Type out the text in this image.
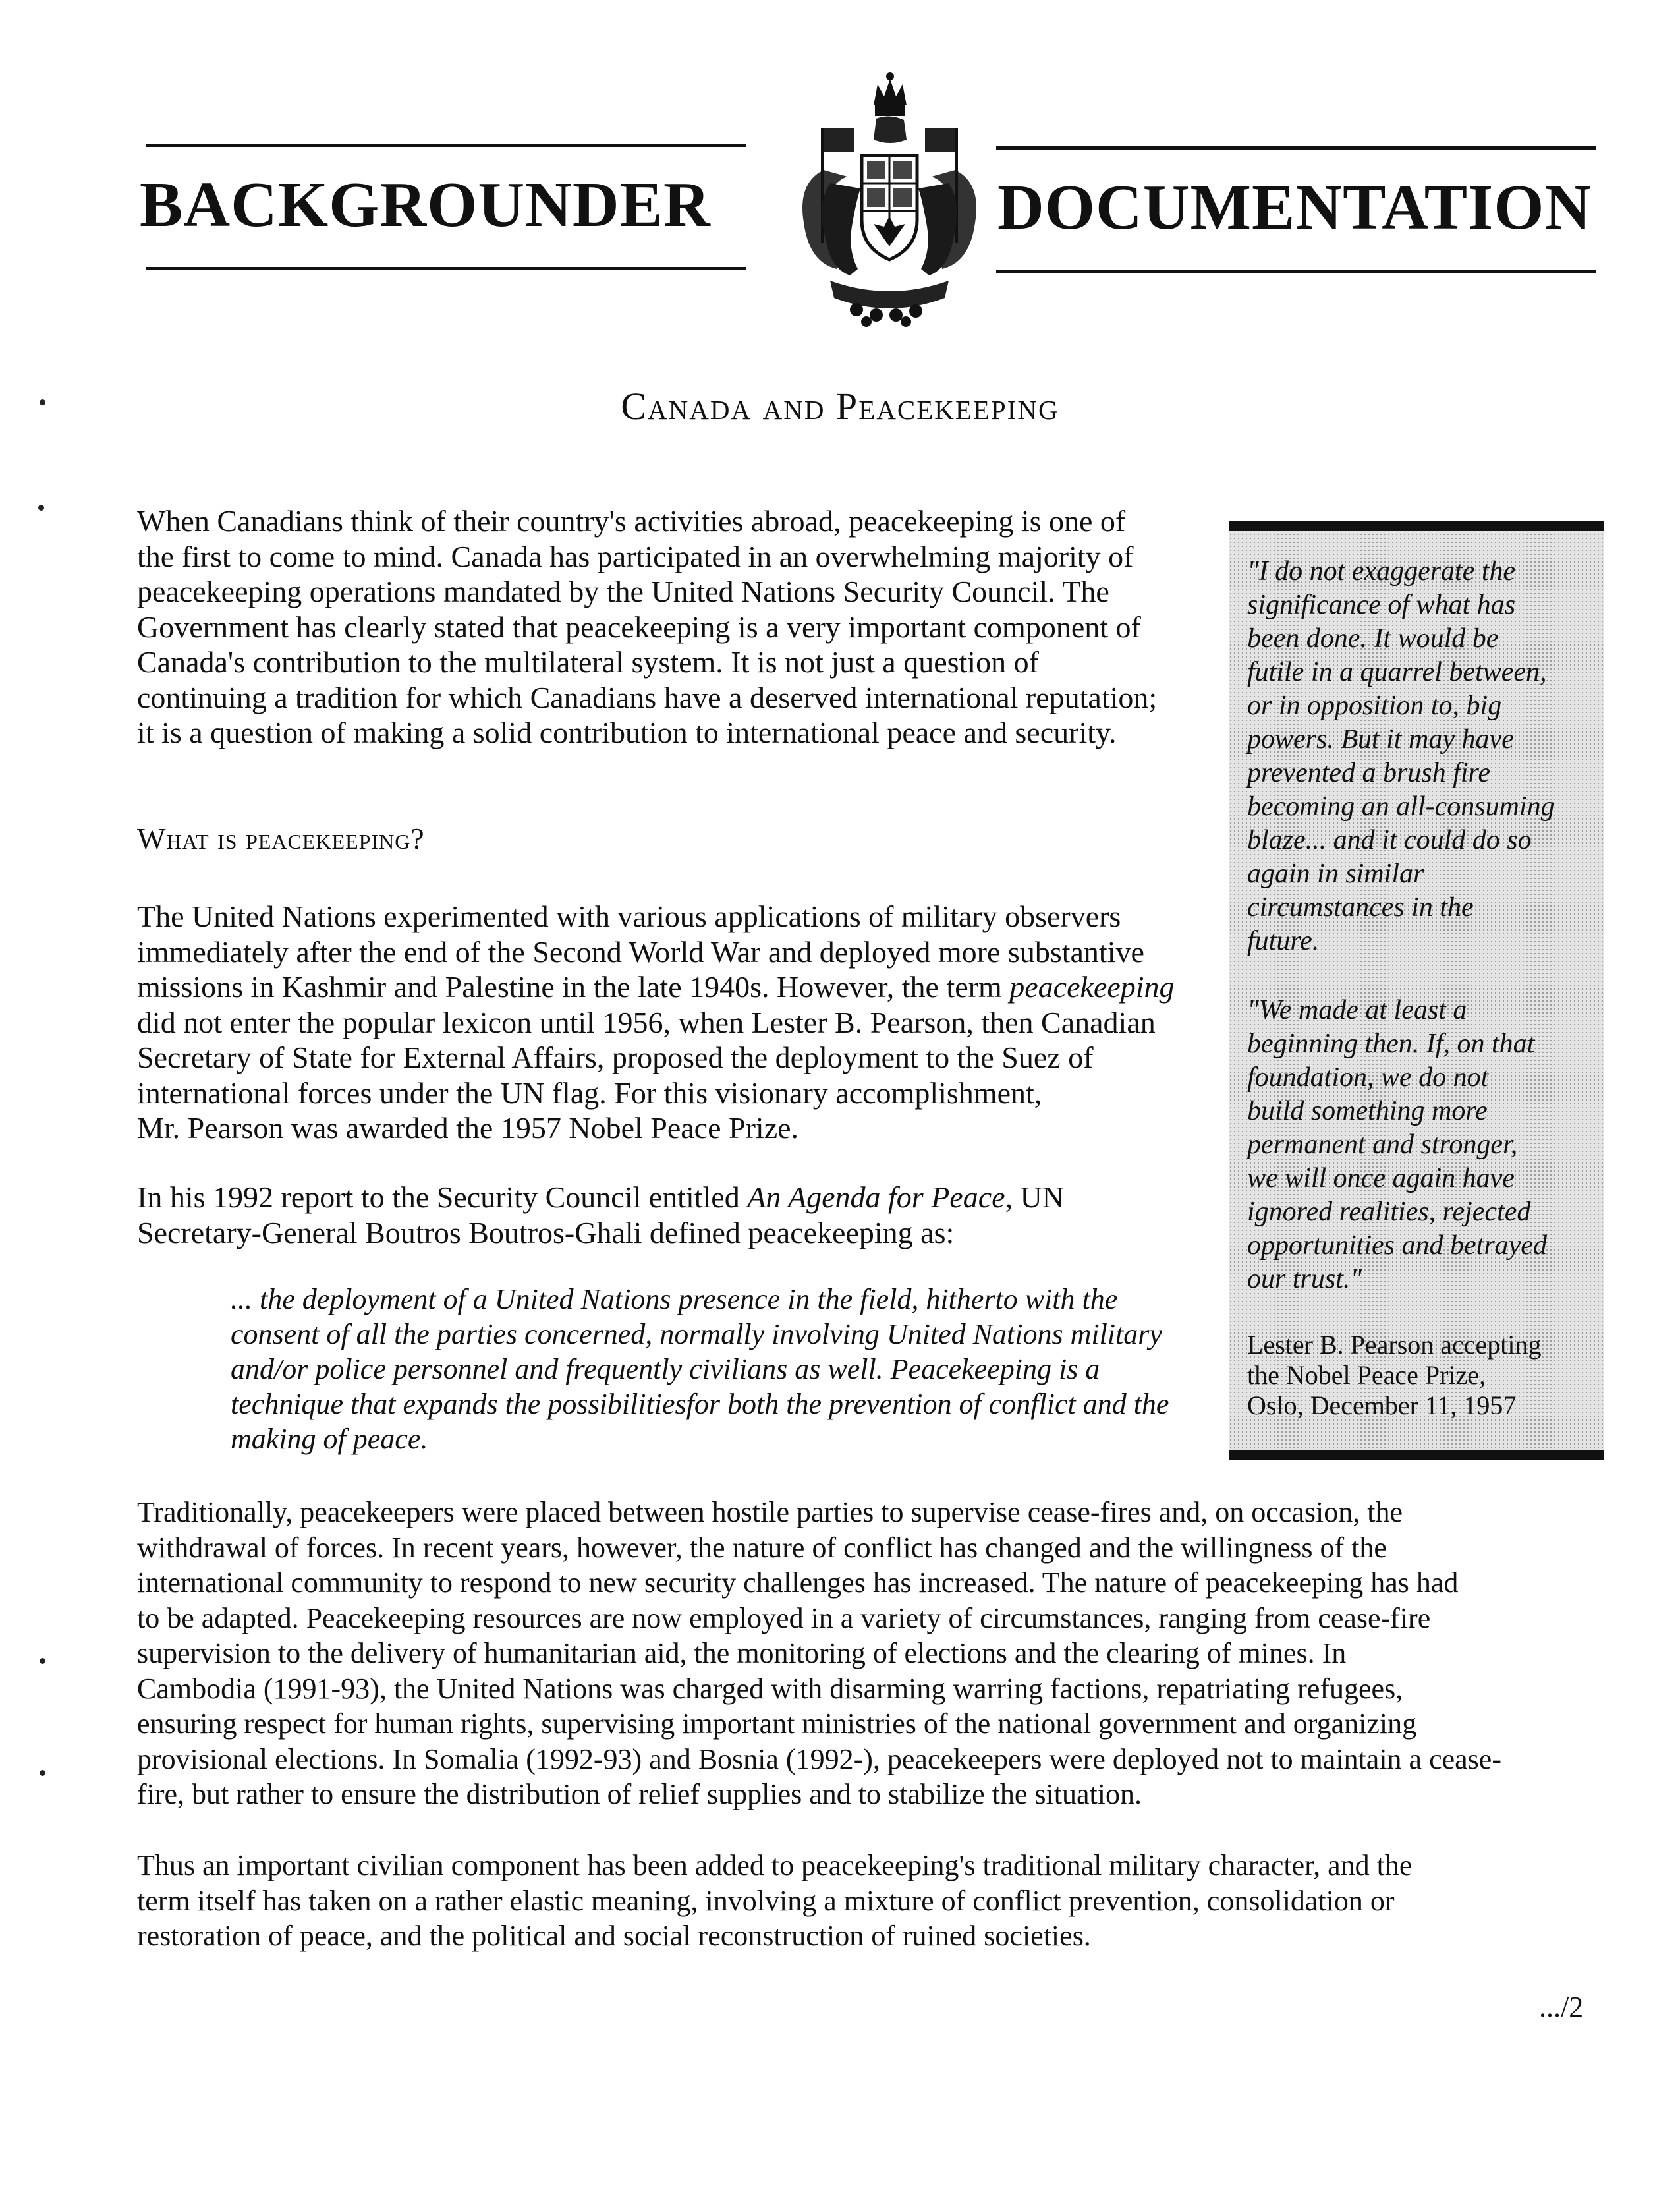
BACKGROUNDER	DOCUMENTATION
Canada and Peacekeeping
When Canadians think of their country's activities abroad, peacekeeping is one of
the first to come to mind. Canada has participated in an overwhelming majority of
peacekeeping operations mandated by the United Nations Security Council. The
Government has clearly stated that peacekeeping is a very important component of
Canada's contribution to the multilateral system. It is not just a question of
continuing a tradition for which Canadians have a deserved international reputation;
it is a question of making a solid contribution to international peace and security.
What is peacekeeping?
The United Nations experimented with various applications of military observers
immediately after the end of the Second World War and deployed more substantive
missions in Kashmir and Palestine in the late 1940s. However, the term peacekeeping
did not enter the popular lexicon until 1956, when Lester B. Pearson, then Canadian
Secretary of State for External Affairs, proposed the deployment to the Suez of
international forces under the UN flag. For this visionary accomplishment,
Mr. Pearson was awarded the 1957 Nobel Peace Prize.
In his 1992 report to the Security Council entitled An Agenda for Peace, UN
Secretary-General Boutros Boutros-Ghali defined peacekeeping as:
... the deployment of a United Nations presence in the field, hitherto with the
consent of all the parties concerned, normally involving United Nations military
and/or police personnel and frequently civilians as well. Peacekeeping is a
technique that expands the possibilitiesfor both the prevention of conflict and the
making of peace.
Traditionally, peacekeepers were placed between hostile parties to supervise cease-fires and, on occasion, the
withdrawal of forces. In recent years, however, the nature of conflict has changed and the willingness of the
international community to respond to new security challenges has increased. The nature of peacekeeping has had
to be adapted. Peacekeeping resources are now employed in a variety of circumstances, ranging from cease-fire
supervision to the delivery of humanitarian aid, the monitoring of elections and the clearing of mines. In
Cambodia (1991-93), the United Nations was charged with disarming warring factions, repatriating refugees,
ensuring respect for human rights, supervising important ministries of the national government and organizing
provisional elections. In Somalia (1992-93) and Bosnia (1992-), peacekeepers were deployed not to maintain a cease-
fire, but rather to ensure the distribution of relief supplies and to stabilize the situation.
Thus an important civilian component has been added to peacekeeping's traditional military character, and the
term itself has taken on a rather elastic meaning, involving a mixture of conflict prevention, consolidation or
restoration of peace, and the political and social reconstruction of ruined societies.
"I do not exaggerate the
significance of what has
been done. It would be
futile in a quarrel between,
or in opposition to, big
powers. But it may have
prevented a brush fire
becoming an all-consuming
blaze... and it could do so
again in similar
circumstances in the
future.
"We made at least a
beginning then. If, on that
foundation, we do not
build something more
permanent and stronger,
we will once again have
ignored realities, rejected
opportunities and betrayed
our trust."
Lester B. Pearson accepting
the Nobel Peace Prize,
Oslo, December 11, 1957
.../2
